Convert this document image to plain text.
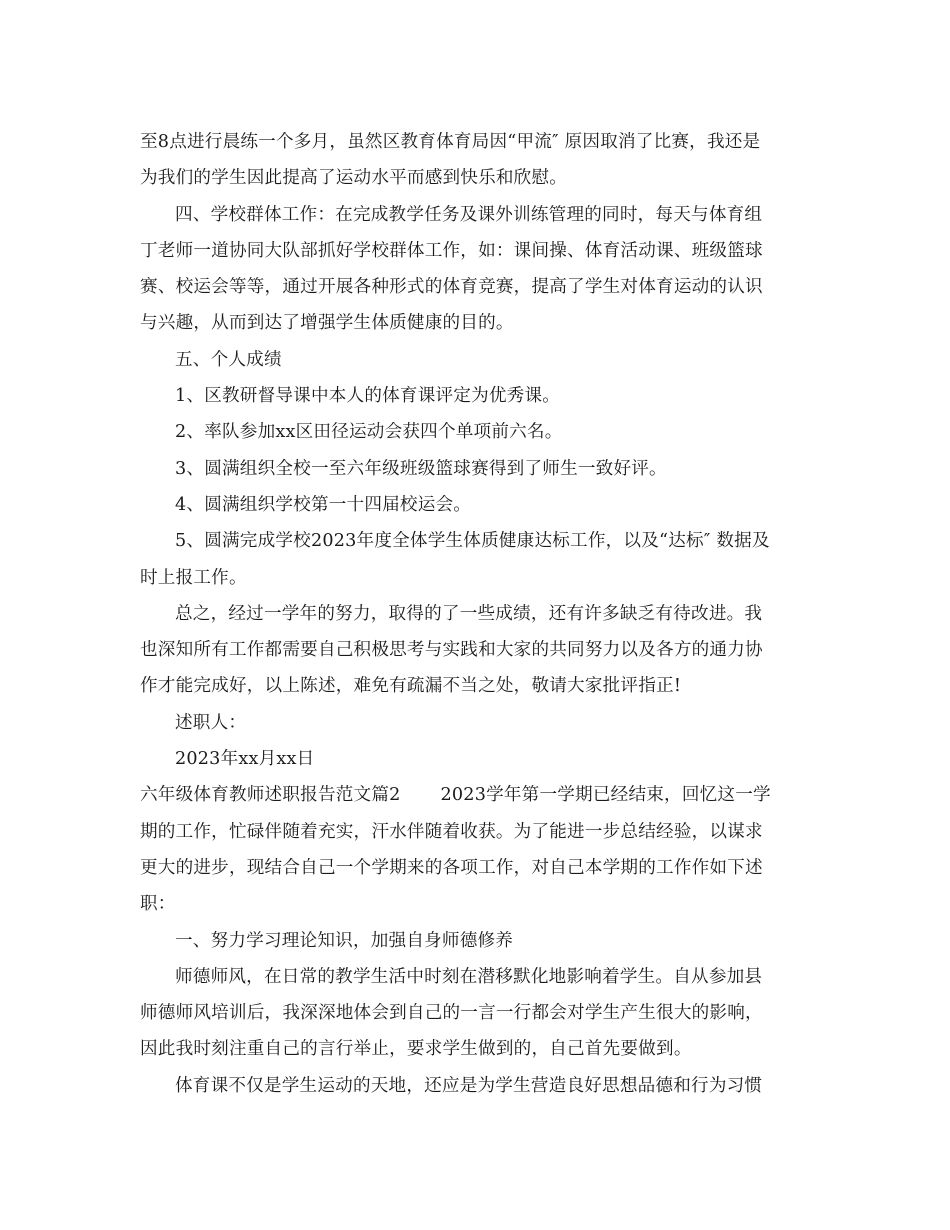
至8点进行晨练一个多月，虽然区教育体育局因“甲流″ 原因取消了比赛，我还是
为我们的学生因此提高了运动水平而感到快乐和欣慰。
四、学校群体工作：在完成教学任务及课外训练管理的同时，每天与体育组
丁老师一道协同大队部抓好学校群体工作，如：课间操、体育活动课、班级篮球
赛、校运会等等，通过开展各种形式的体育竞赛，提高了学生对体育运动的认识
与兴趣，从而到达了增强学生体质健康的目的。
五、个人成绩
1、区教研督导课中本人的体育课评定为优秀课。
2、率队参加xx区田径运动会获四个单项前六名。
3、圆满组织全校一至六年级班级篮球赛得到了师生一致好评。
4、圆满组织学校第一十四届校运会。
5、圆满完成学校2023年度全体学生体质健康达标工作，以及“达标″ 数据及
时上报工作。
总之，经过一学年的努力，取得的了一些成绩，还有许多缺乏有待改进。我
也深知所有工作都需要自己积极思考与实践和大家的共同努力以及各方的通力协
作才能完成好，以上陈述，难免有疏漏不当之处，敬请大家批评指正!
述职人：
2023年xx月xx日
六年级体育教师述职报告范文篇2 2023学年第一学期已经结束，回忆这一学
期的工作，忙碌伴随着充实，汗水伴随着收获。为了能进一步总结经验，以谋求
更大的进步，现结合自己一个学期来的各项工作，对自己本学期的工作作如下述
职：
一、努力学习理论知识，加强自身师德修养
师德师风，在日常的教学生活中时刻在潜移默化地影响着学生。自从参加县
师德师风培训后，我深深地体会到自己的一言一行都会对学生产生很大的影响，
因此我时刻注重自己的言行举止，要求学生做到的，自己首先要做到。
体育课不仅是学生运动的天地，还应是为学生营造良好思想品德和行为习惯
